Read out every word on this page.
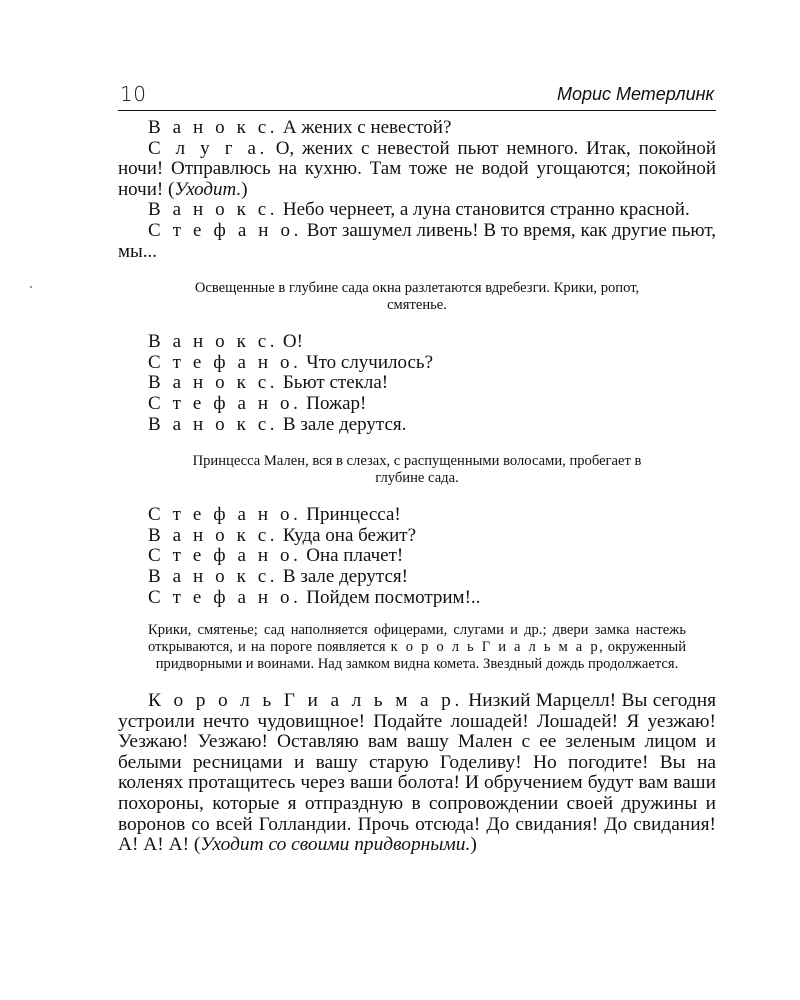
10	Морис Метерлинк

В а н о к с. А жених с невестой?

С л у г а. О, жених с невестой пьют немного. Итак, покойной ночи! Отправлюсь на кухню. Там тоже не водой угощаются; покойной ночи! (Уходит.)

В а н о к с. Небо чернеет, а луна становится странно красной.

С т е ф а н о. Вот зашумел ливень! В то время, как другие пьют, мы...

Освещенные в глубине сада окна разлетаются вдребезги. Крики, ропот, смятенье.

В а н о к с. О!

С т е ф а н о. Что случилось?

В а н о к с. Бьют стекла!

С т е ф а н о. Пожар!

В а н о к с. В зале дерутся.

Принцесса Мален, вся в слезах, с распущенными волосами, пробегает в глубине сада.

С т е ф а н о. Принцесса!

В а н о к с. Куда она бежит?

С т е ф а н о. Она плачет!

В а н о к с. В зале дерутся!

С т е ф а н о. Пойдем посмотрим!..

Крики, смятенье; сад наполняется офицерами, слугами и др.; двери замка настежь открываются, и на пороге появляется к о р о л ь Г и а л ь м а р, окруженный придворными и воинами. Над замком видна комета. Звездный дождь продолжается.

К о р о л ь Г и а л ь м а р. Низкий Марцелл! Вы сегодня устроили нечто чудовищное! Подайте лошадей! Лошадей! Я уезжаю! Уезжаю! Уезжаю! Оставляю вам вашу Мален с ее зеленым лицом и белыми ресницами и вашу старую Годеливу! Но погодите! Вы на коленях протащитесь через ваши болота! И обручением будут вам ваши похороны, которые я отпраздную в сопровождении своей дружины и воронов со всей Голландии. Прочь отсюда! До свидания! До свидания! А! А! А! (Уходит со своими придворными.)
